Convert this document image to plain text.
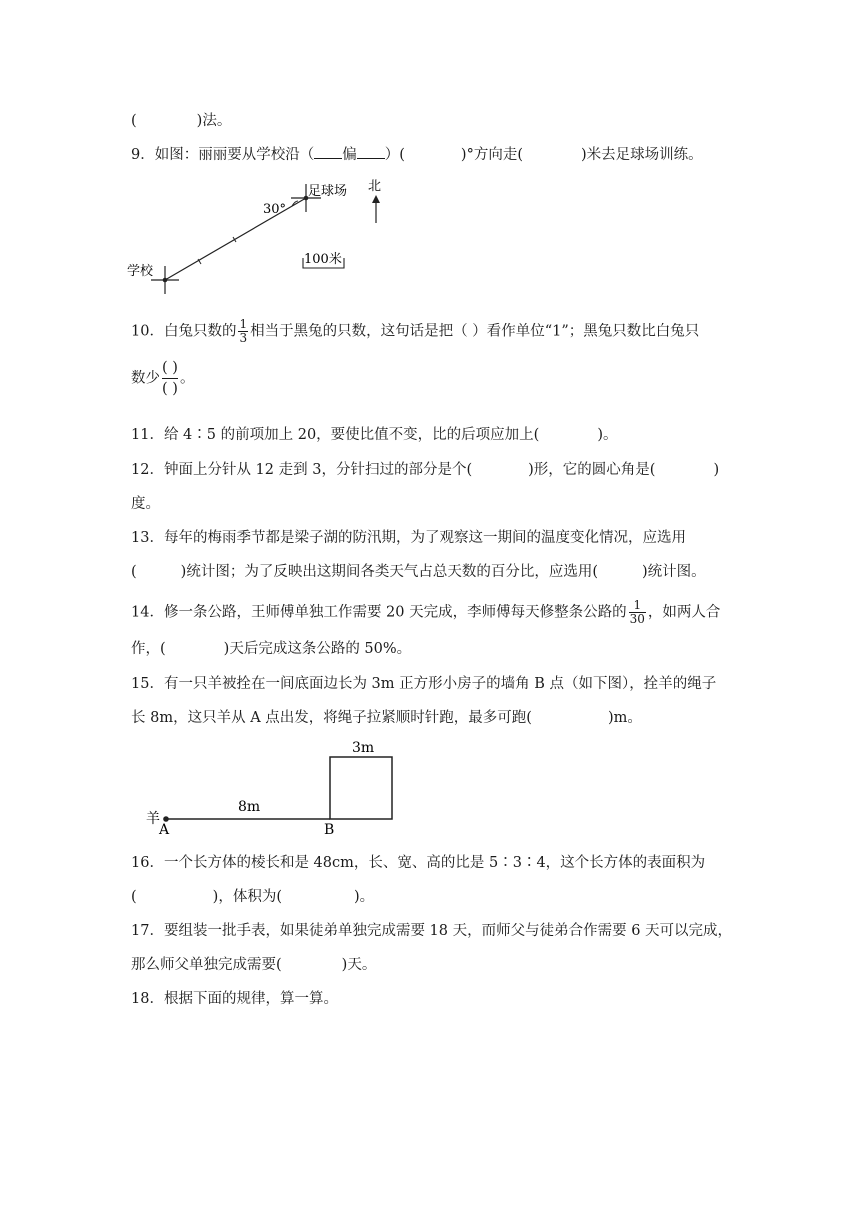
(	)法。
9．如图：丽丽要从学校沿（ 偏 ）(	)°方向走(	)米去足球场训练。
学校
足球场
30°
北
100米
10．白兔只数的 $\frac{1}{3}$ 相当于黑兔的只数，这句话是把（ ）看作单位“1”；黑兔只数比白兔只
数少
( )
( )
。
11．给 4∶5 的前项加上 20，要使比值不变，比的后项应加上(	)。
12．钟面上分针从 12 走到 3，分针扫过的部分是个(	)形，它的圆心角是(	)
度。
13．每年的梅雨季节都是梁子湖的防汛期，为了观察这一期间的温度变化情况，应选用
(	)统计图；为了反映出这期间各类天气占总天数的百分比，应选用(	)统计图。
14．修一条公路，王师傅单独工作需要 20 天完成，李师傅每天修整条公路的 $\frac{1}{30}$ ，如两人合
作，(	)天后完成这条公路的 50%。
15．有一只羊被拴在一间底面边长为 3m 正方形小房子的墙角 B 点（如下图），拴羊的绳子
长 8m，这只羊从 A 点出发，将绳子拉紧顺时针跑，最多可跑(	)m。
羊
A	B
8m
3m
16．一个长方体的棱长和是 48cm，长、宽、高的比是 5∶3∶4，这个长方体的表面积为
(	)，体积为(	)。
17．要组装一批手表，如果徒弟单独完成需要 18 天，而师父与徒弟合作需要 6 天可以完成，
那么师父单独完成需要(	)天。
18．根据下面的规律，算一算。
